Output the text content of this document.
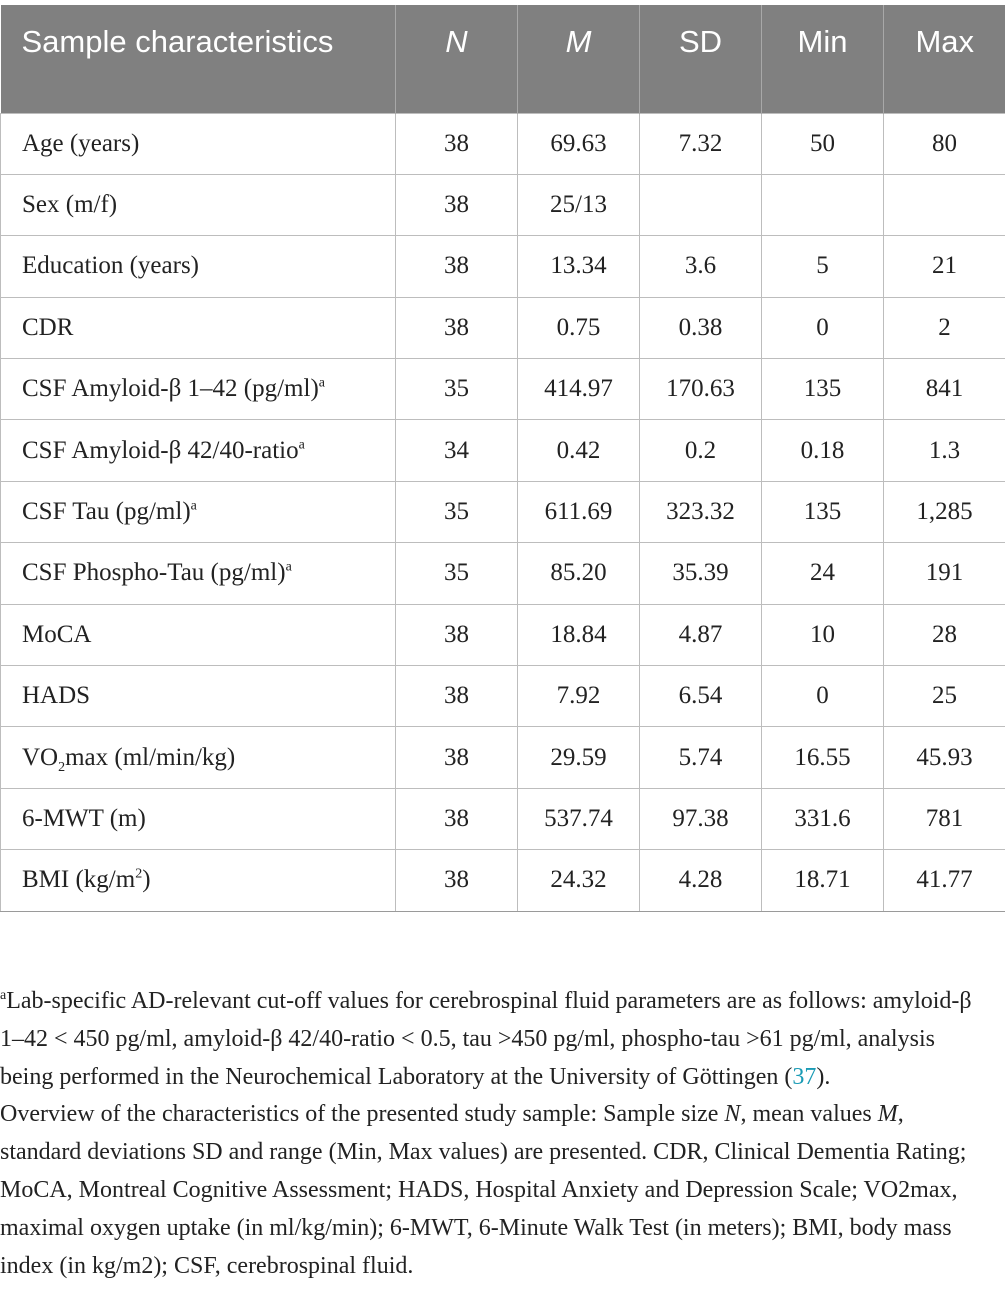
Sample characteristics	N	M	SD	Min	Max
Age (years)	38	69.63	7.32	50	80
Sex (m/f)	38	25/13			
Education (years)	38	13.34	3.6	5	21
CDR	38	0.75	0.38	0	2
CSF Amyloid-β 1–42 $(pg/ml)^a$	35	414.97	170.63	135	841
CSF Amyloid-β 42/40-ratio$^a$	34	0.42	0.2	0.18	1.3
CSF Tau $(pg/ml)^a$	35	611.69	323.32	135	1,285
CSF Phospho-Tau $(pg/ml)^a$	35	85.20	35.39	24	191
MoCA	38	18.84	4.87	10	28
HADS	38	7.92	6.54	0	25
$VO_2\max$ (ml/min/kg)	38	29.59	5.74	16.55	45.93
6-MWT (m)	38	537.74	97.38	331.6	781
BMI $(kg/m^2)$	38	24.32	4.28	18.71	41.77

$^a$Lab-specific AD-relevant cut-off values for cerebrospinal fluid parameters are as follows: amyloid-β 1–42 < 450 pg/ml, amyloid-β 42/40-ratio < 0.5, tau >450 pg/ml, phospho-tau >61 pg/ml, analysis being performed in the Neurochemical Laboratory at the University of Göttingen (37).

Overview of the characteristics of the presented study sample: Sample size N, mean values M, standard deviations SD and range (Min, Max values) are presented. CDR, Clinical Dementia Rating; MoCA, Montreal Cognitive Assessment; HADS, Hospital Anxiety and Depression Scale; VO2max, maximal oxygen uptake (in ml/kg/min); 6-MWT, 6-Minute Walk Test (in meters); BMI, body mass index (in kg/m2); CSF, cerebrospinal fluid.
